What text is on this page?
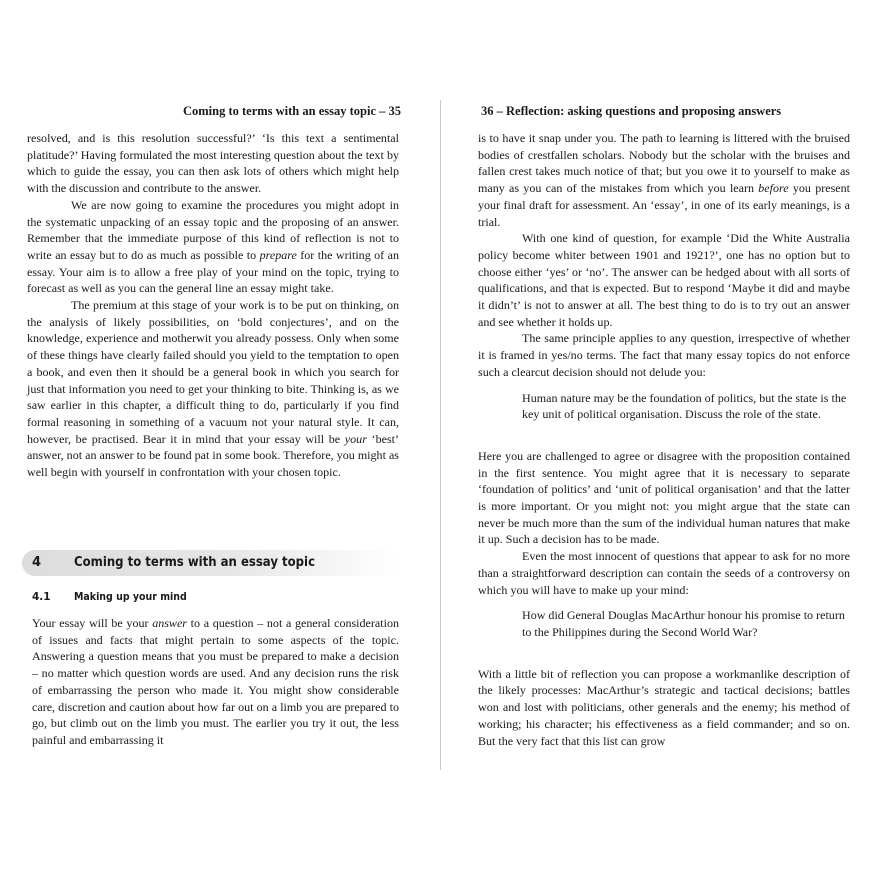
Coming to terms with an essay topic – 35

resolved, and is this resolution successful?’ ‘Is this text a sentimental platitude?’ Having formulated the most interesting question about the text by which to guide the essay, you can then ask lots of others which might help with the discussion and contribute to the answer.

We are now going to examine the procedures you might adopt in the systematic unpacking of an essay topic and the proposing of an answer. Remember that the immediate purpose of this kind of reflection is not to write an essay but to do as much as possible to prepare for the writing of an essay. Your aim is to allow a free play of your mind on the topic, trying to forecast as well as you can the general line an essay might take.

The premium at this stage of your work is to be put on thinking, on the analysis of likely possibilities, on ‘bold conjectures’, and on the knowledge, experience and motherwit you already possess. Only when some of these things have clearly failed should you yield to the temptation to open a book, and even then it should be a general book in which you search for just that information you need to get your thinking to bite. Thinking is, as we saw earlier in this chapter, a difficult thing to do, particularly if you find formal reasoning in something of a vacuum not your natural style. It can, however, be practised. Bear it in mind that your essay will be your ‘best’ answer, not an answer to be found pat in some book. Therefore, you might as well begin with yourself in confrontation with your chosen topic.

4	Coming to terms with an essay topic
4.1 Making up your mind

Your essay will be your answer to a question – not a general consideration of issues and facts that might pertain to some aspects of the topic. Answering a question means that you must be prepared to make a decision – no matter which question words are used. And any decision runs the risk of embarrassing the person who made it. You might show considerable care, discretion and caution about how far out on a limb you are prepared to go, but climb out on the limb you must. The earlier you try it out, the less painful and embarrassing it

36 – Reflection: asking questions and proposing answers

is to have it snap under you. The path to learning is littered with the bruised bodies of crestfallen scholars. Nobody but the scholar with the bruises and fallen crest takes much notice of that; but you owe it to yourself to make as many as you can of the mistakes from which you learn before you present your final draft for assessment. An ‘essay’, in one of its early meanings, is a trial.

With one kind of question, for example ‘Did the White Australia policy become whiter between 1901 and 1921?’, one has no option but to choose either ‘yes’ or ‘no’. The answer can be hedged about with all sorts of qualifications, and that is expected. But to respond ‘Maybe it did and maybe it didn’t’ is not to answer at all. The best thing to do is to try out an answer and see whether it holds up.

The same principle applies to any question, irrespective of whether it is framed in yes/no terms. The fact that many essay topics do not enforce such a clearcut decision should not delude you:

Human nature may be the foundation of politics, but the state is the key unit of political organisation. Discuss the role of the state.

Here you are challenged to agree or disagree with the proposition contained in the first sentence. You might agree that it is necessary to separate ‘foundation of politics’ and ‘unit of political organisation’ and that the latter is more important. Or you might not: you might argue that the state can never be much more than the sum of the individual human natures that make it up. Such a decision has to be made.

Even the most innocent of questions that appear to ask for no more than a straightforward description can contain the seeds of a controversy on which you will have to make up your mind:

How did General Douglas MacArthur honour his promise to return to the Philippines during the Second World War?

With a little bit of reflection you can propose a workmanlike description of the likely processes: MacArthur’s strategic and tactical decisions; battles won and lost with politicians, other generals and the enemy; his method of working; his character; his effectiveness as a field commander; and so on. But the very fact that this list can grow
